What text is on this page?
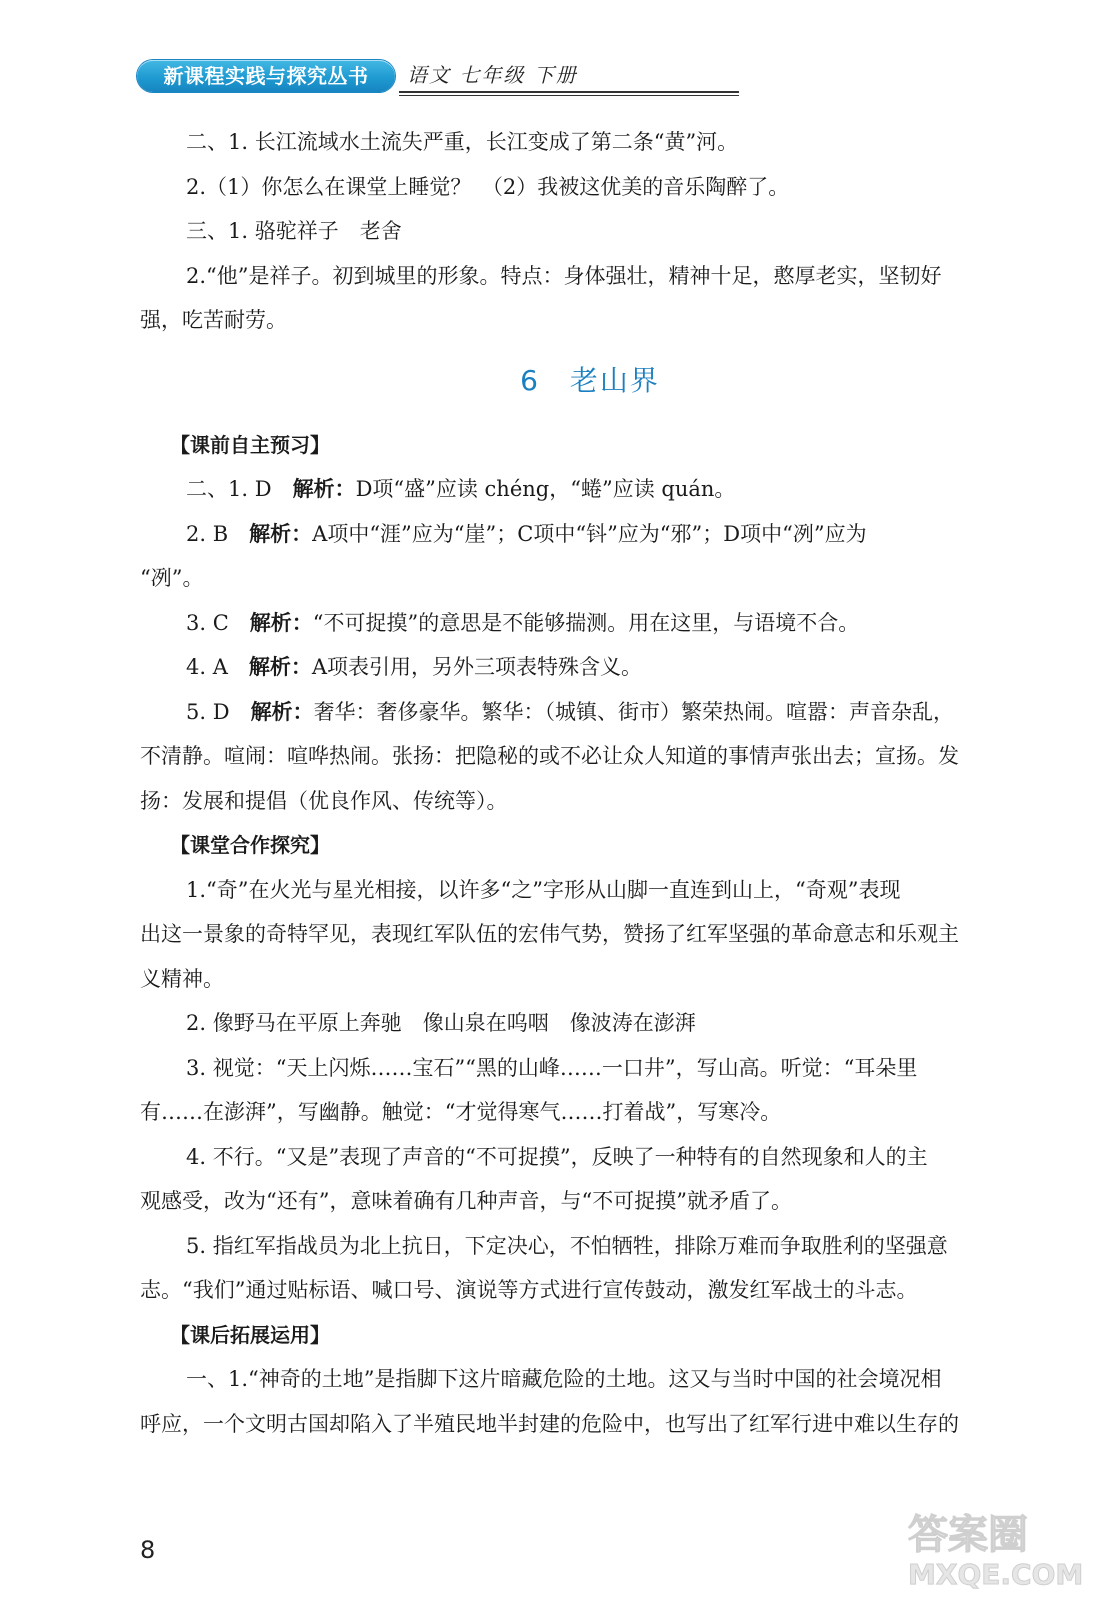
新课程实践与探究丛书	语文 七年级 下册

二、1. 长江流域水土流失严重，长江变成了第二条“黄”河。

2.（1）你怎么在课堂上睡觉？　（2）我被这优美的音乐陶醉了。

三、1. 骆驼祥子　老舍

2.“他”是祥子。初到城里的形象。特点：身体强壮，精神十足，憨厚老实，坚韧好

强，吃苦耐劳。

6　老山界

【课前自主预习】

二、1. D　解析：D项“盛”应读 chéng，“蜷”应读 quán。

2. B　解析：A项中“涯”应为“崖”；C项中“钭”应为“邪”；D项中“冽”应为

“冽”。

3. C　解析：“不可捉摸”的意思是不能够揣测。用在这里，与语境不合。

4. A　解析：A项表引用，另外三项表特殊含义。

5. D　解析：奢华：奢侈豪华。繁华：（城镇、街市）繁荣热闹。喧嚣：声音杂乱，

不清静。喧闹：喧哗热闹。张扬：把隐秘的或不必让众人知道的事情声张出去；宣扬。发

扬：发展和提倡（优良作风、传统等）。

【课堂合作探究】

1.“奇”在火光与星光相接，以许多“之”字形从山脚一直连到山上，“奇观”表现

出这一景象的奇特罕见，表现红军队伍的宏伟气势，赞扬了红军坚强的革命意志和乐观主

义精神。

2. 像野马在平原上奔驰　像山泉在呜咽　像波涛在澎湃

3. 视觉：“天上闪烁……宝石”“黑的山峰……一口井”，写山高。听觉：“耳朵里

有……在澎湃”，写幽静。触觉：“才觉得寒气……打着战”，写寒冷。

4. 不行。“又是”表现了声音的“不可捉摸”，反映了一种特有的自然现象和人的主

观感受，改为“还有”，意味着确有几种声音，与“不可捉摸”就矛盾了。

5. 指红军指战员为北上抗日，下定决心，不怕牺牲，排除万难而争取胜利的坚强意

志。“我们”通过贴标语、喊口号、演说等方式进行宣传鼓动，激发红军战士的斗志。

【课后拓展运用】

一、1.“神奇的土地”是指脚下这片暗藏危险的土地。这又与当时中国的社会境况相

呼应，一个文明古国却陷入了半殖民地半封建的危险中，也写出了红军行进中难以生存的

8	答案圈
MXQE.COM
